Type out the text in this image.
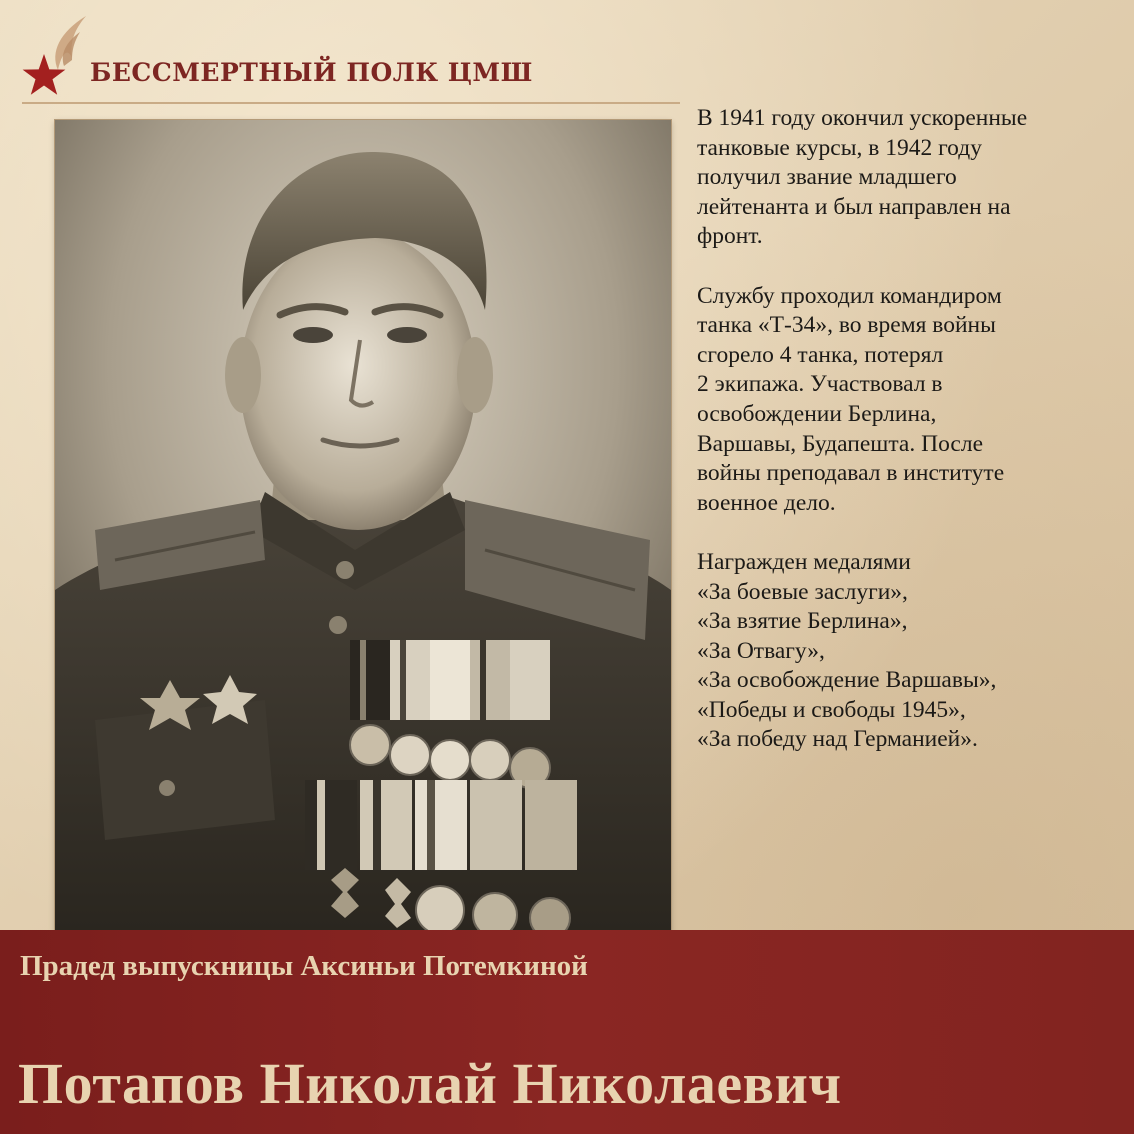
БЕССМЕРТНЫЙ ПОЛК ЦМШ

В 1941 году окончил ускоренные
танковые курсы, в 1942 году
получил звание младшего
лейтенанта и был направлен на
фронт.

Службу проходил командиром
танка «Т-34», во время войны
сгорело 4 танка, потерял
2 экипажа. Участвовал в
освобождении Берлина,
Варшавы, Будапешта. После
войны преподавал в институте
военное дело.

Награжден медалями
«За боевые заслуги»,
«За взятие Берлина»,
«За Отвагу»,
«За освобождение Варшавы»,
«Победы и свободы 1945»,
«За победу над Германией».

Прадед выпускницы Аксиньи Потемкиной
Потапов Николай Николаевич
